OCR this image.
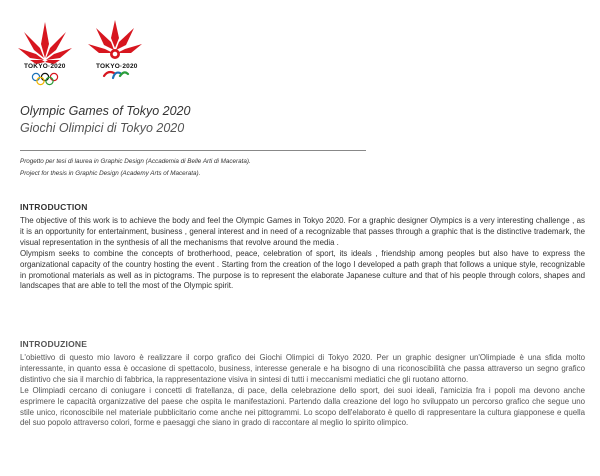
TOKYO·2020	TOKYO·2020
Olympic Games of Tokyo 2020
Giochi Olimpici di Tokyo 2020
Progetto per tesi di laurea in Graphic Design (Accademia di Belle Arti di Macerata).
Project for thesis in Graphic Design (Academy Arts of Macerata).
INTRODUCTION

The objective of this work is to achieve the body and feel the Olympic Games in Tokyo 2020. For a graphic designer Olympics is a very interesting challenge , as it is an opportunity for entertainment, business , general interest and in need of a recognizable that passes through a graphic that is the distinctive trademark, the visual representation in the synthesis of all the mechanisms that revolve around the media .

Olympism seeks to combine the concepts of brotherhood, peace, celebration of sport, its ideals , friendship among peoples but also have to express the organizational capacity of the country hosting the event . Starting from the creation of the logo I developed a path graph that follows a unique style, recognizable in promotional materials as well as in pictograms. The purpose is to represent the elaborate Japanese culture and that of his people through colors, shapes and landscapes that are able to tell the most of the Olympic spirit.

INTRODUZIONE

L'obiettivo di questo mio lavoro è realizzare il corpo grafico dei Giochi Olimpici di Tokyo 2020. Per un graphic designer un'Olimpiade è una sfida molto interessante, in quanto essa è occasione di spettacolo, business, interesse generale e ha bisogno di una riconoscibilità che passa attraverso un segno grafico distintivo che sia il marchio di fabbrica, la rappresentazione visiva in sintesi di tutti i meccanismi mediatici che gli ruotano attorno.

Le Olimpiadi cercano di coniugare i concetti di fratellanza, di pace, della celebrazione dello sport, dei suoi ideali, l'amicizia fra i popoli ma devono anche esprimere le capacità organizzative del paese che ospita le manifestazioni. Partendo dalla creazione del logo ho sviluppato un percorso grafico che segue uno stile unico, riconoscibile nel materiale pubblicitario come anche nei pittogrammi. Lo scopo dell'elaborato è quello di rappresentare la cultura giapponese e quella del suo popolo attraverso colori, forme e paesaggi che siano in grado di raccontare al meglio lo spirito olimpico.
